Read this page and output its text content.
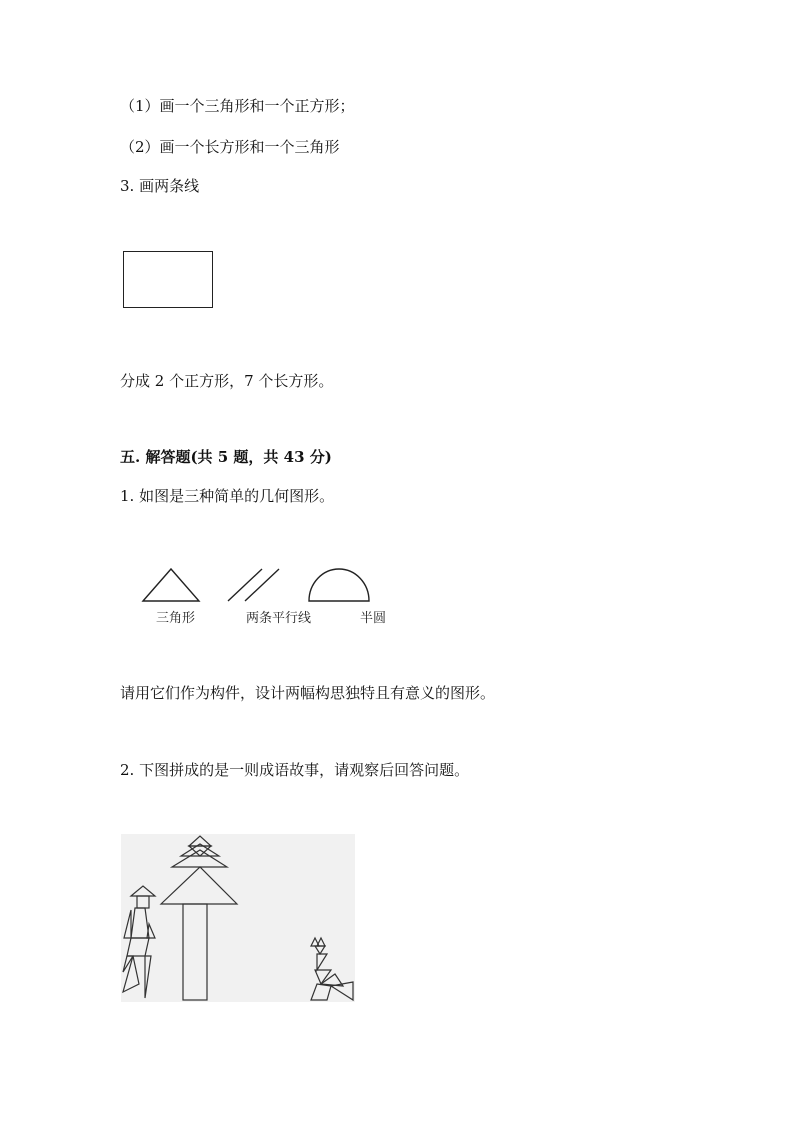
（1）画一个三角形和一个正方形；
（2）画一个长方形和一个三角形
3. 画两条线
分成 2 个正方形，7 个长方形。
五. 解答题(共 5 题，共 43 分)
1. 如图是三种简单的几何图形。
三角形	两条平行线	半圆
请用它们作为构件，设计两幅构思独特且有意义的图形。
2. 下图拼成的是一则成语故事，请观察后回答问题。
